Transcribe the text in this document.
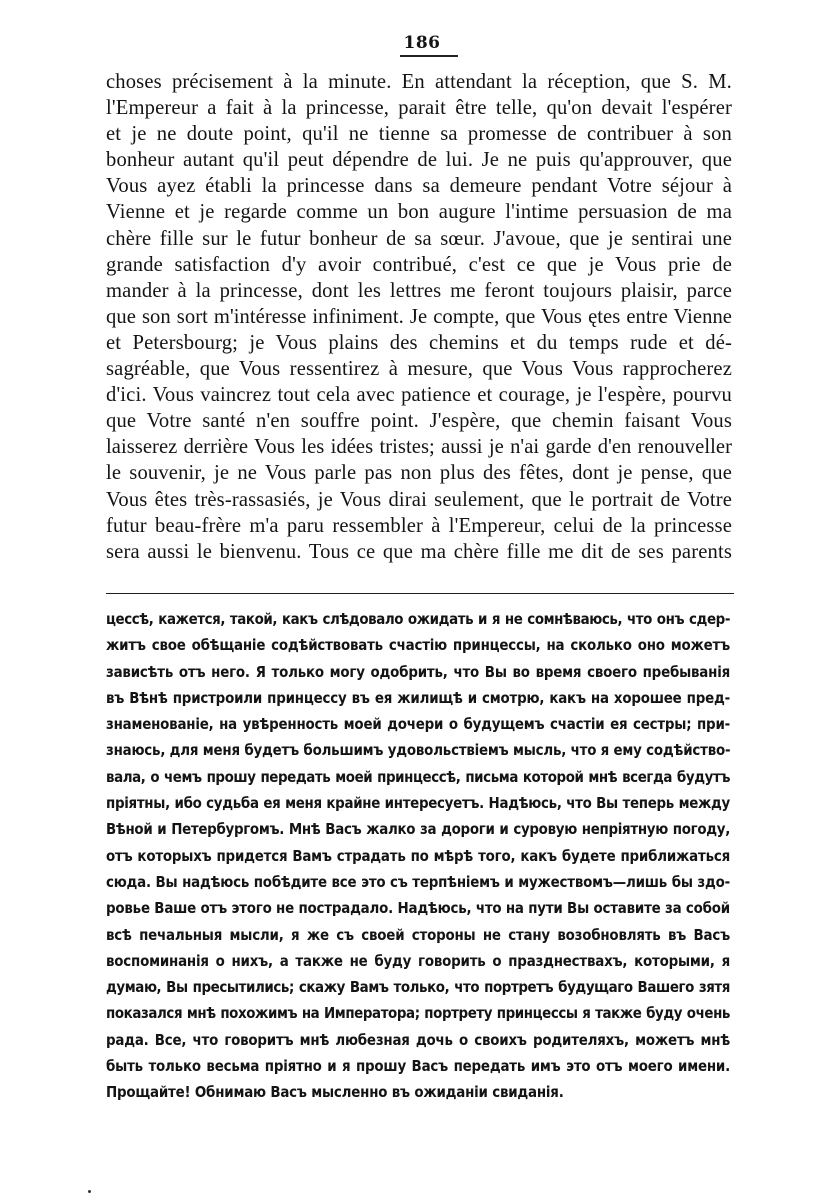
186
choses précisement à la minute. En attendant la réception, que S. M.
l'Empereur a fait à la princesse, parait être telle, qu'on devait l'espérer
et je ne doute point, qu'il ne tienne sa promesse de contribuer à son
bonheur autant qu'il peut dépendre de lui. Je ne puis qu'approuver, que
Vous ayez établi la princesse dans sa demeure pendant Votre séjour à
Vienne et je regarde comme un bon augure l'intime persuasion de ma
chère fille sur le futur bonheur de sa sœur. J'avoue, que je sentirai une
grande satisfaction d'y avoir contribué, c'est ce que je Vous prie de
mander à la princesse, dont les lettres me feront toujours plaisir, parce
que son sort m'intéresse infiniment. Je compte, que Vous ętes entre Vienne
et Petersbourg; je Vous plains des chemins et du temps rude et dé-
sagréable, que Vous ressentirez à mesure, que Vous Vous rapprocherez
d'ici. Vous vaincrez tout cela avec patience et courage, je l'espère, pourvu
que Votre santé n'en souffre point. J'espère, que chemin faisant Vous
laisserez derrière Vous les idées tristes; aussi je n'ai garde d'en renouveller
le souvenir, je ne Vous parle pas non plus des fêtes, dont je pense, que
Vous êtes très-rassasiés, je Vous dirai seulement, que le portrait de Votre
futur beau-frère m'a paru ressembler à l'Empereur, celui de la princesse
sera aussi le bienvenu. Tous ce que ma chère fille me dit de ses parents
цессѣ, кажется, такой, какъ слѣдовало ожидать и я не сомнѣваюсь, что онъ сдер-
житъ свое обѣщаніе содѣйствовать счастію принцессы, на сколько оно можетъ
зависѣть отъ него. Я только могу одобрить, что Вы во время своего пребыванія
въ Вѣнѣ пристроили принцессу въ ея жилищѣ и смотрю, какъ на хорошее пред-
знаменованіе, на увѣренность моей дочери о будущемъ счастіи ея сестры; при-
знаюсь, для меня будетъ большимъ удовольствіемъ мысль, что я ему содѣйство-
вала, о чемъ прошу передать моей принцессѣ, письма которой мнѣ всегда будутъ
пріятны, ибо судьба ея меня крайне интересуетъ. Надѣюсь, что Вы теперь между
Вѣной и Петербургомъ. Мнѣ Васъ жалко за дороги и суровую непріятную погоду,
отъ которыхъ придется Вамъ страдать по мѣрѣ того, какъ будете приближаться
сюда. Вы надѣюсь побѣдите все это съ терпѣніемъ и мужествомъ—лишь бы здо-
ровье Ваше отъ этого не пострадало. Надѣюсь, что на пути Вы оставите за собой
всѣ печальныя мысли, я же съ своей стороны не стану возобновлять въ Васъ
воспоминанія о нихъ, а также не буду говорить о празднествахъ, которыми, я
думаю, Вы пресытились; скажу Вамъ только, что портретъ будущаго Вашего зятя
показался мнѣ похожимъ на Императора; портрету принцессы я также буду очень
рада. Все, что говоритъ мнѣ любезная дочь о своихъ родителяхъ, можетъ мнѣ
быть только весьма пріятно и я прошу Васъ передать имъ это отъ моего имени.
Прощайте! Обнимаю Васъ мысленно въ ожиданіи свиданія.
